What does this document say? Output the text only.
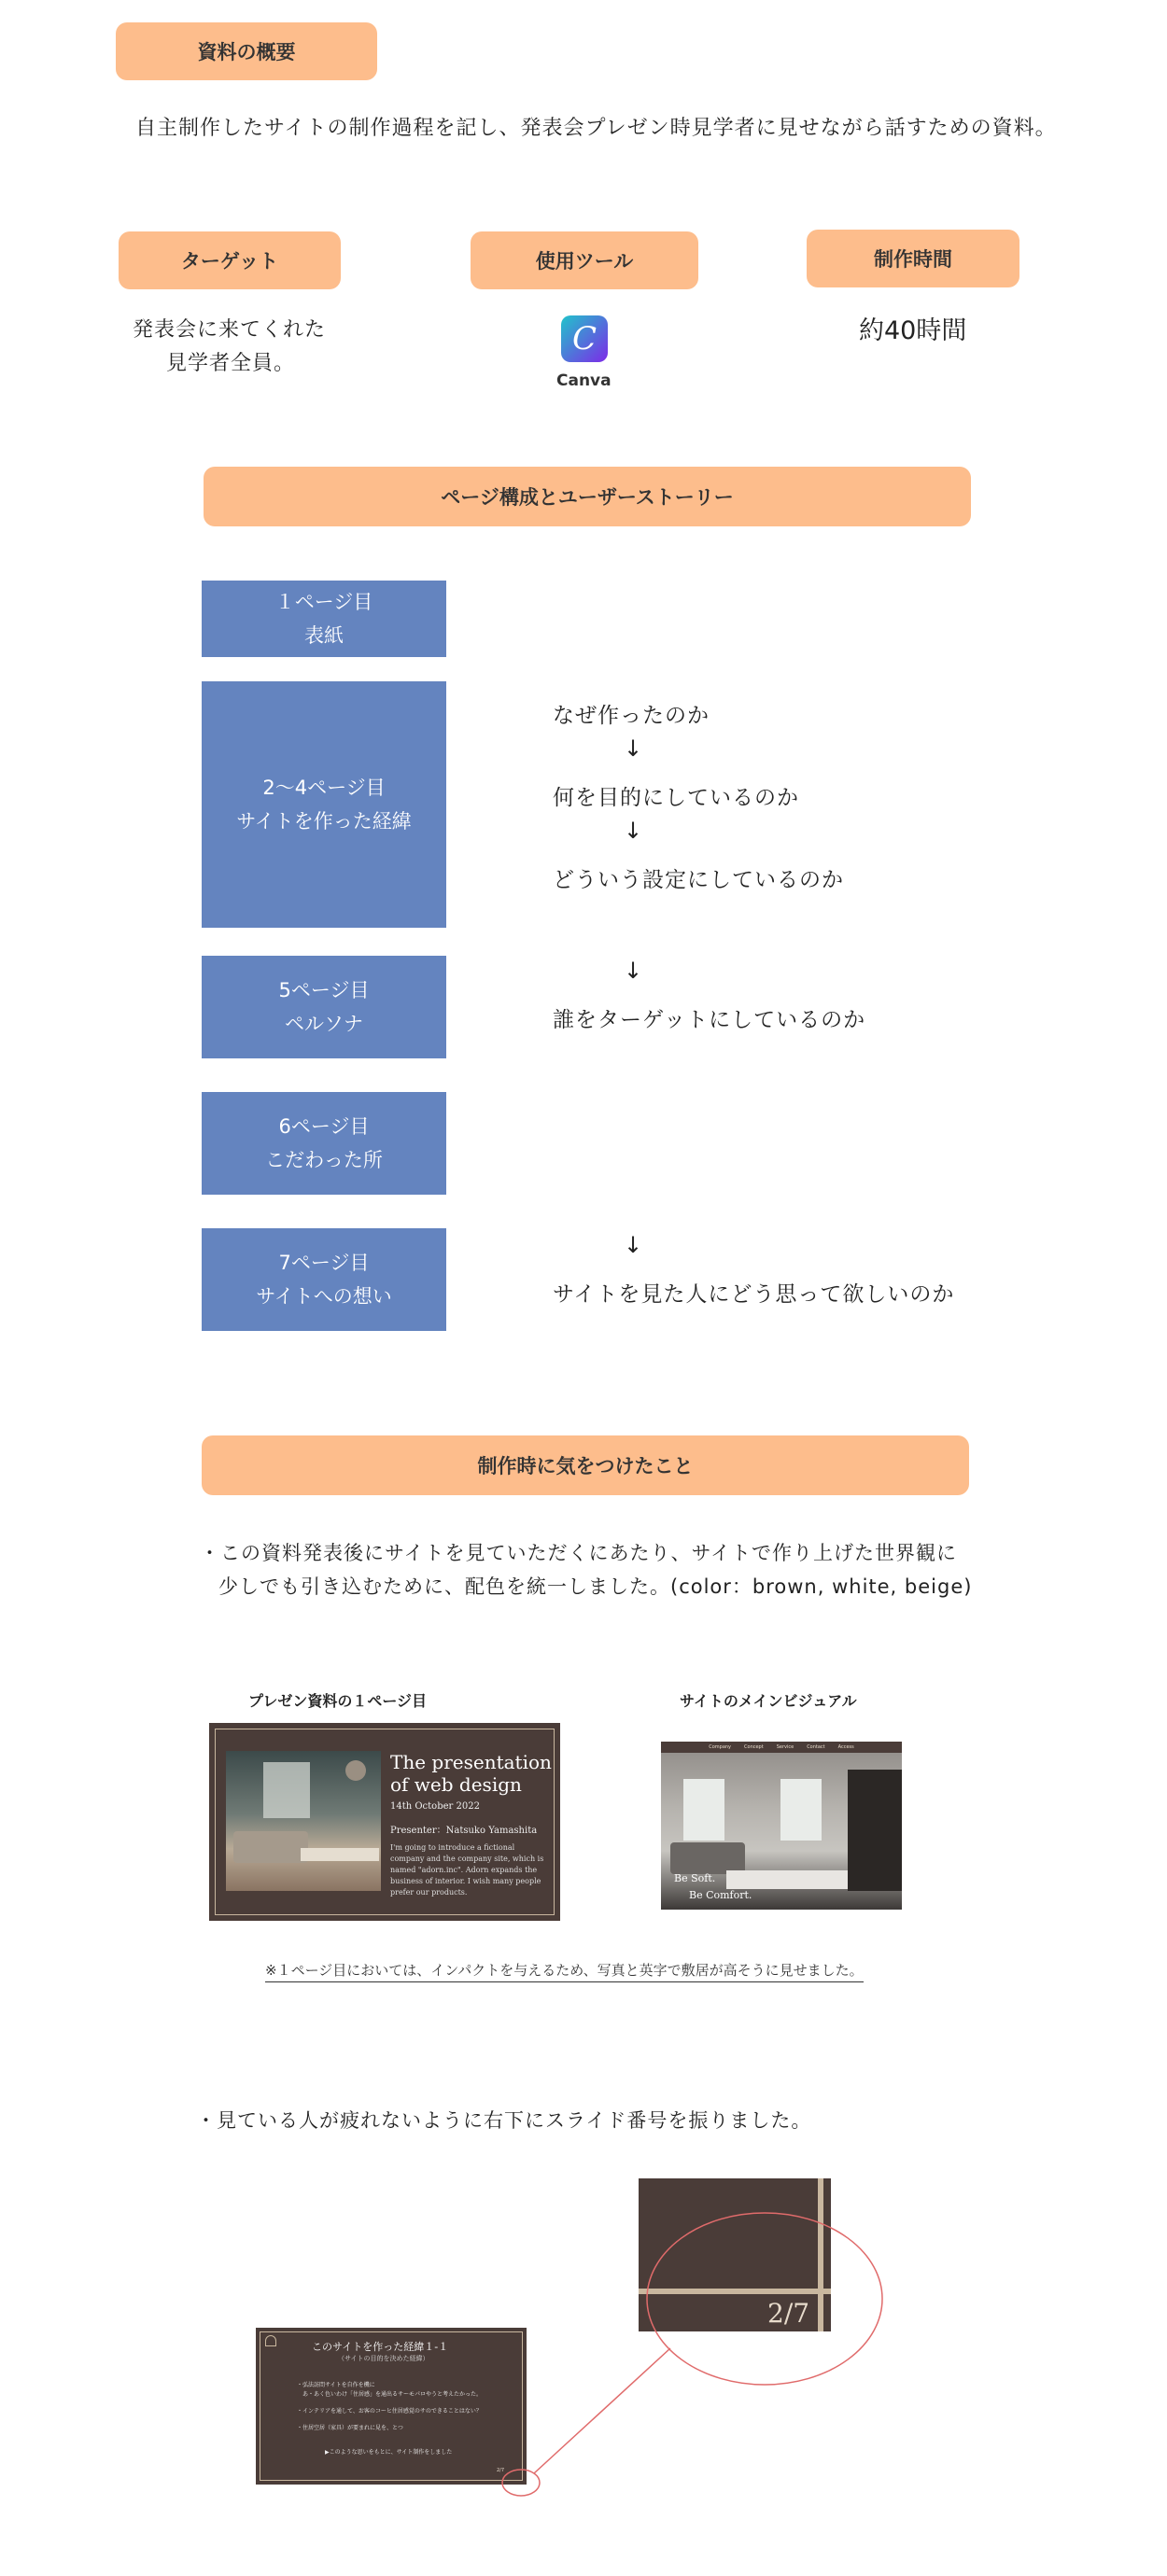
資料の概要
自主制作したサイトの制作過程を記し、発表会プレゼン時見学者に見せながら話すための資料。
ターゲット
発表会に来てくれた
見学者全員。
使用ツール
C
Canva
制作時間
約40時間
ページ構成とユーザーストーリー
１ページ目
表紙
2〜4ページ目
サイトを作った経緯
5ページ目
ペルソナ
6ページ目
こだわった所
7ページ目
サイトへの想い
なぜ作ったのか
↓
何を目的にしているのか
↓
どういう設定にしているのか
↓
誰をターゲットにしているのか
↓
サイトを見た人にどう思って欲しいのか
制作時に気をつけたこと
・この資料発表後にサイトを見ていただくにあたり、サイトで作り上げた世界観に
少しでも引き込むために、配色を統一しました。(color：brown, white, beige)
プレゼン資料の１ページ目	サイトのメインビジュアル
The presentation
of web design
14th October 2022
Presenter：Natsuko Yamashita
I'm going to introduce a fictional company and the company site, which is named "adorn.inc". Adorn expands the business of interior. I wish many people prefer our products.
Company	Concept	Service	Contact	Access
Be Soft.
Be Comfort.
※１ページ目においては、インパクトを与えるため、写真と英字で敷居が高そうに見せました。
・見ている人が疲れないように右下にスライド番号を振りました。
2/7
このサイトを作った経緯１-１
（サイトの目的を決めた経緯）
・弘法訪問サイトを自作を機に
　あ・あく色いわけ「住居感」を通出るサーモパロやうと考えたかった。
・インテリアを通して、お客のコーヒ住居感覚のサのできることはない？
・住居空居（家具）が要まれに見を、とつ
▶このような思いをもとに、サイト制作をしました
2/7
